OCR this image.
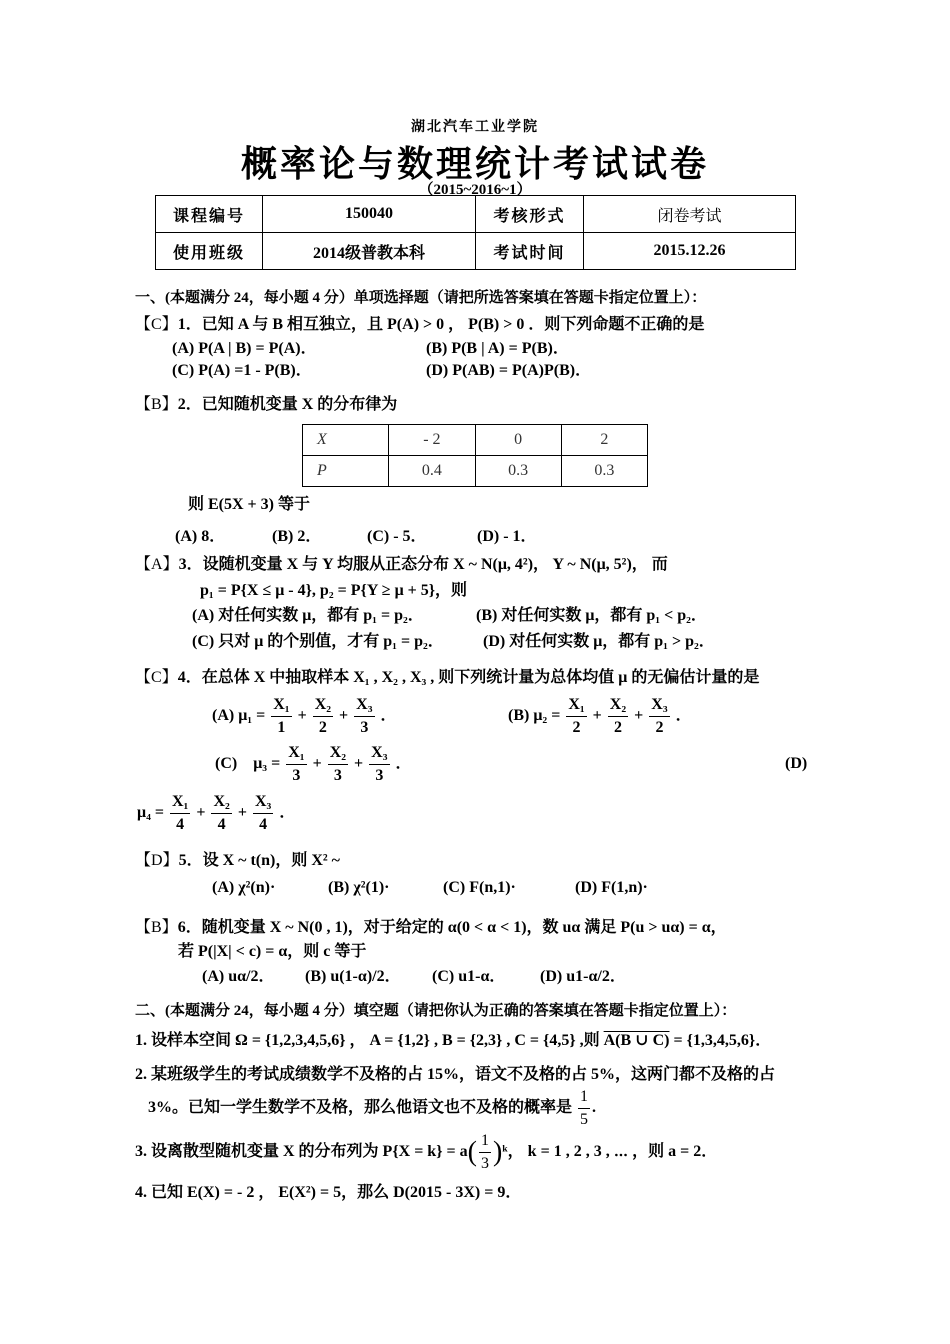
湖北汽车工业学院
概率论与数理统计考试试卷
（2015~2016~1）
课程编号	150040	考核形式	闭卷考试
使用班级	2014级普教本科	考试时间	2015.12.26
一、(本题满分 24，每小题 4 分）单项选择题（请把所选答案填在答题卡指定位置上）：
【C】1．已知 A 与 B 相互独立，且 P(A) > 0 ， P(B) > 0 ．则下列命题不正确的是
(A) P(A | B) = P(A)．	(B) P(B | A) = P(B)．
(C) P(A) =1 - P(B)．	(D) P(AB) = P(A)P(B)．
【B】2．已知随机变量 X 的分布律为
X	- 2	0	2
P	0.4	0.3	0.3
则 E(5X + 3) 等于
(A) 8．	(B) 2．	(C) - 5．	(D) - 1．
【A】3．设随机变量 X 与 Y 均服从正态分布 X ~ N(μ, 4²)， Y ~ N(μ, 5²)， 而
p₁ = P{X ≤ μ - 4}, p₂ = P{Y ≥ μ + 5}，则
(A) 对任何实数 μ，都有 p₁ = p₂．	(B) 对任何实数 μ，都有 p₁ < p₂．
(C) 只对 μ 的个别值，才有 p₁ = p₂． (D) 对任何实数 μ，都有 p₁ > p₂．
【C】4．在总体 X 中抽取样本 X₁ , X₂ , X₃ , 则下列统计量为总体均值 μ 的无偏估计量的是
(A) $\mu_1 = \frac{\text{X₁}}{1} + \frac{\text{X₂}}{2} + \frac{\text{X₃}}{3}$ ．	(B) $\mu_2 = \frac{\text{X₁}}{2} + \frac{\text{X₂}}{2} + \frac{\text{X₃}}{2}$ ．
(C) $\mu_3 = \frac{\text{X₁}}{3} + \frac{\text{X₂}}{3} + \frac{\text{X₃}}{3}$ ．	(D)
$\mu_4 = \frac{\text{X₁}}{4} + \frac{\text{X₂}}{4} + \frac{\text{X₃}}{4}$ ．
【D】5．设 X ~ t(n)，则 X² ~
(A) χ²(n)·	(B) χ²(1)·	(C) F(n,1)·	(D) F(1,n)·
【B】6．随机变量 X ~ N(0 , 1)，对于给定的 α(0 < α < 1)，数 uα 满足 P(u > uα) = α，
若 P(|X| < c) = α，则 c 等于
(A) uα/2． (B) u(1-α)/2． (C) u1-α． (D) u1-α/2．
二、(本题满分 24，每小题 4 分）填空题（请把你认为正确的答案填在答题卡指定位置上）：
1. 设样本空间 Ω = {1,2,3,4,5,6} ， A = {1,2} , B = {2,3} , C = {4,5} ,则 A(B ∪ C) = {1,3,4,5,6}．
2. 某班级学生的考试成绩数学不及格的占 15%，语文不及格的占 5%，这两门都不及格的占
3%。已知一学生数学不及格，那么他语文也不及格的概率是 $\frac{1}{5}$ .
3. 设离散型随机变量 X 的分布列为 $P\{X = k\} = a( \frac{1}{3}$ )ᵏ， k = 1 , 2 , 3 , ⋯ ，则 a = 2．
4. 已知 E(X) = - 2 ， E(X²) = 5，那么 D(2015 - 3X) = 9．
